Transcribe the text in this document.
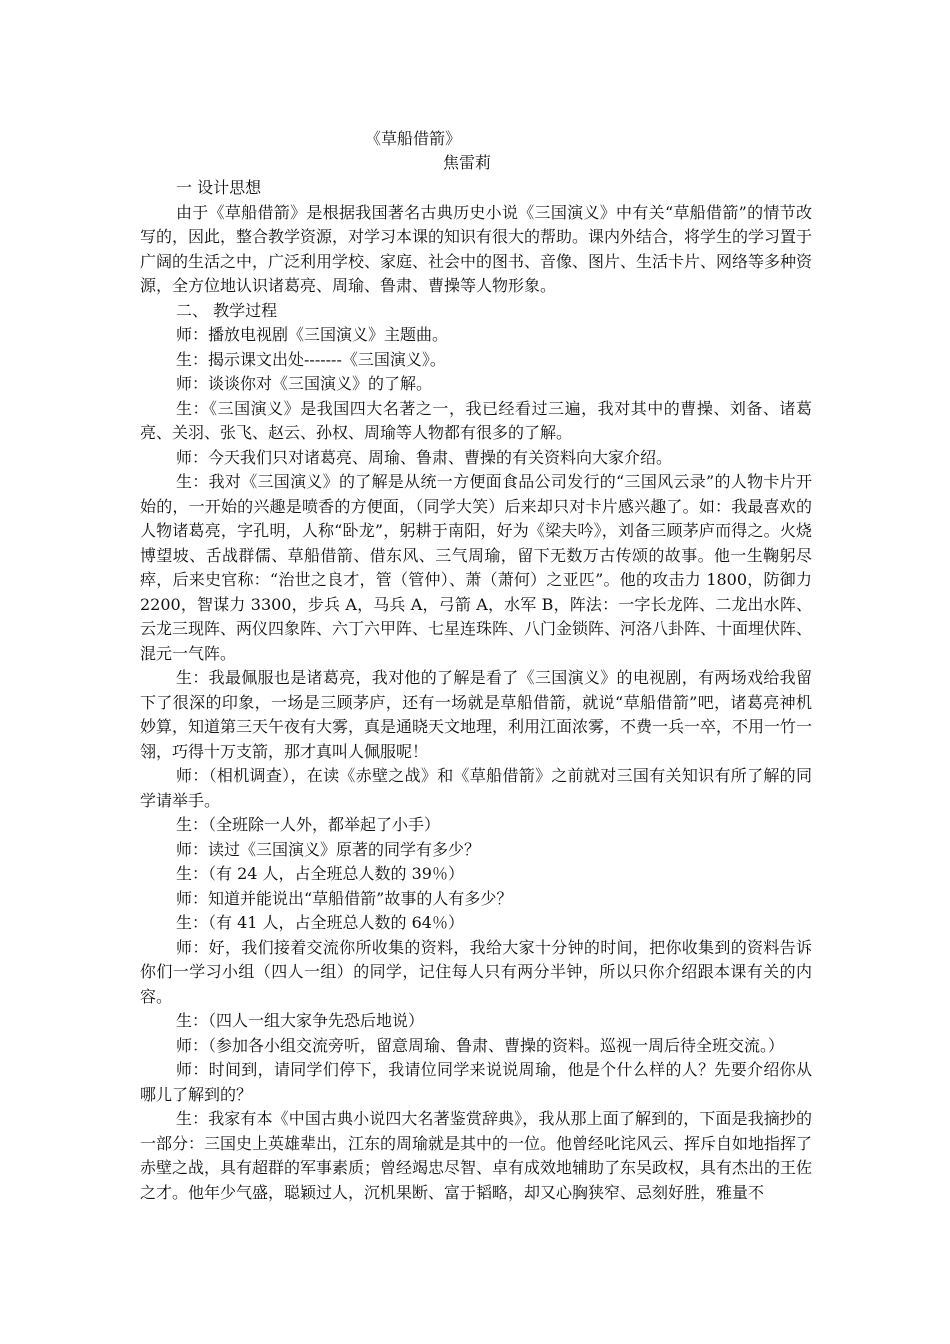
《草船借箭》
焦雷莉

一 设计思想

由于《草船借箭》是根据我国著名古典历史小说《三国演义》中有关“草船借箭”的情节改写的，因此，整合教学资源，对学习本课的知识有很大的帮助。课内外结合，将学生的学习置于广阔的生活之中，广泛利用学校、家庭、社会中的图书、音像、图片、生活卡片、网络等多种资源，全方位地认识诸葛亮、周瑜、鲁肃、曹操等人物形象。

二、 教学过程

师：播放电视剧《三国演义》主题曲。

生：揭示课文出处-------《三国演义》。

师：谈谈你对《三国演义》的了解。

生：《三国演义》是我国四大名著之一，我已经看过三遍，我对其中的曹操、刘备、诸葛亮、关羽、张飞、赵云、孙权、周瑜等人物都有很多的了解。

师：今天我们只对诸葛亮、周瑜、鲁肃、曹操的有关资料向大家介绍。

生：我对《三国演义》的了解是从统一方便面食品公司发行的“三国风云录”的人物卡片开始的，一开始的兴趣是喷香的方便面，（同学大笑）后来却只对卡片感兴趣了。如：我最喜欢的人物诸葛亮，字孔明，人称“卧龙”，躬耕于南阳，好为《梁夫吟》，刘备三顾茅庐而得之。火烧博望坡、舌战群儒、草船借箭、借东风、三气周瑜，留下无数万古传颂的故事。他一生鞠躬尽瘁，后来史官称：“治世之良才，管（管仲）、萧（萧何）之亚匹”。他的攻击力 1800，防御力 2200，智谋力 3300，步兵 A，马兵 A，弓箭 A，水军 B，阵法：一字长龙阵、二龙出水阵、云龙三现阵、两仪四象阵、六丁六甲阵、七星连珠阵、八门金锁阵、河洛八卦阵、十面埋伏阵、混元一气阵。

生：我最佩服也是诸葛亮，我对他的了解是看了《三国演义》的电视剧，有两场戏给我留下了很深的印象，一场是三顾茅庐，还有一场就是草船借箭，就说“草船借箭”吧，诸葛亮神机妙算，知道第三天午夜有大雾，真是通晓天文地理，利用江面浓雾，不费一兵一卒，不用一竹一翎，巧得十万支箭，那才真叫人佩服呢！

师：（相机调查），在读《赤壁之战》和《草船借箭》之前就对三国有关知识有所了解的同学请举手。

生：（全班除一人外，都举起了小手）

师：读过《三国演义》原著的同学有多少？

生：（有 24 人，占全班总人数的 39％）

师：知道并能说出“草船借箭”故事的人有多少？

生：（有 41 人，占全班总人数的 64％）

师：好，我们接着交流你所收集的资料，我给大家十分钟的时间，把你收集到的资料告诉你们一学习小组（四人一组）的同学，记住每人只有两分半钟，所以只你介绍跟本课有关的内容。

生：（四人一组大家争先恐后地说）

师：（参加各小组交流旁听，留意周瑜、鲁肃、曹操的资料。巡视一周后待全班交流。）

师：时间到，请同学们停下，我请位同学来说说周瑜，他是个什么样的人？先要介绍你从哪儿了解到的？

生：我家有本《中国古典小说四大名著鉴赏辞典》，我从那上面了解到的，下面是我摘抄的一部分：三国史上英雄辈出，江东的周瑜就是其中的一位。他曾经叱诧风云、挥斥自如地指挥了赤壁之战，具有超群的军事素质；曾经竭忠尽智、卓有成效地辅助了东吴政权，具有杰出的王佐之才。他年少气盛，聪颖过人，沉机果断、富于韬略，却又心胸狭窄、忌刻好胜，雅量不
